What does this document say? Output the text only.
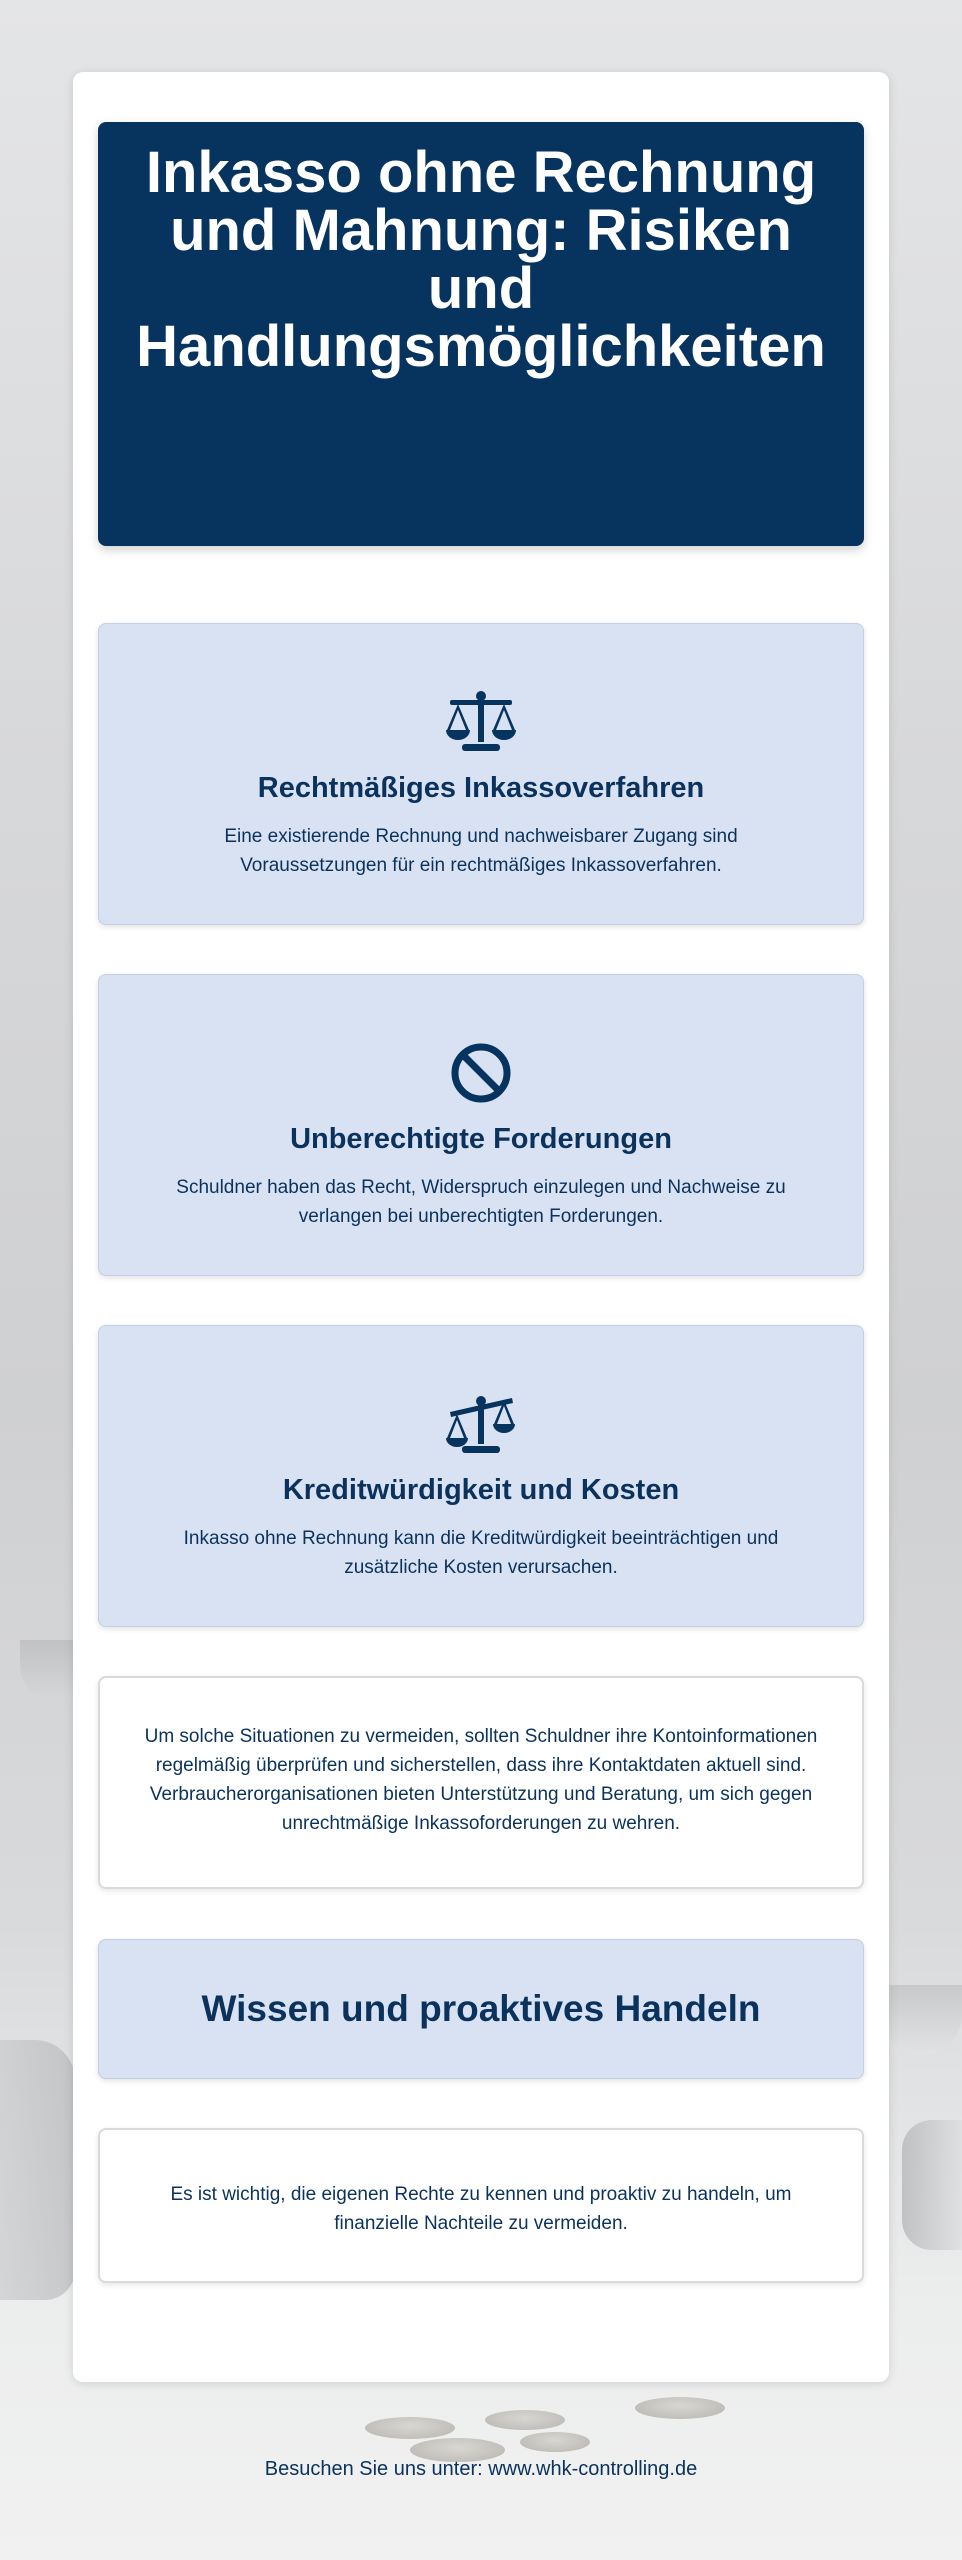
Inkasso ohne Rechnung und Mahnung: Risiken und Handlungsmöglichkeiten
Rechtmäßiges Inkassoverfahren

Eine existierende Rechnung und nachweisbarer Zugang sind Voraussetzungen für ein rechtmäßiges Inkassoverfahren.

Unberechtigte Forderungen

Schuldner haben das Recht, Widerspruch einzulegen und Nachweise zu verlangen bei unberechtigten Forderungen.

Kreditwürdigkeit und Kosten

Inkasso ohne Rechnung kann die Kreditwürdigkeit beeinträchtigen und zusätzliche Kosten verursachen.

Um solche Situationen zu vermeiden, sollten Schuldner ihre Kontoinformationen regelmäßig überprüfen und sicherstellen, dass ihre Kontaktdaten aktuell sind. Verbraucherorganisationen bieten Unterstützung und Beratung, um sich gegen unrechtmäßige Inkassoforderungen zu wehren.

Wissen und proaktives Handeln

Es ist wichtig, die eigenen Rechte zu kennen und proaktiv zu handeln, um finanzielle Nachteile zu vermeiden.

Besuchen Sie uns unter: www.whk-controlling.de
